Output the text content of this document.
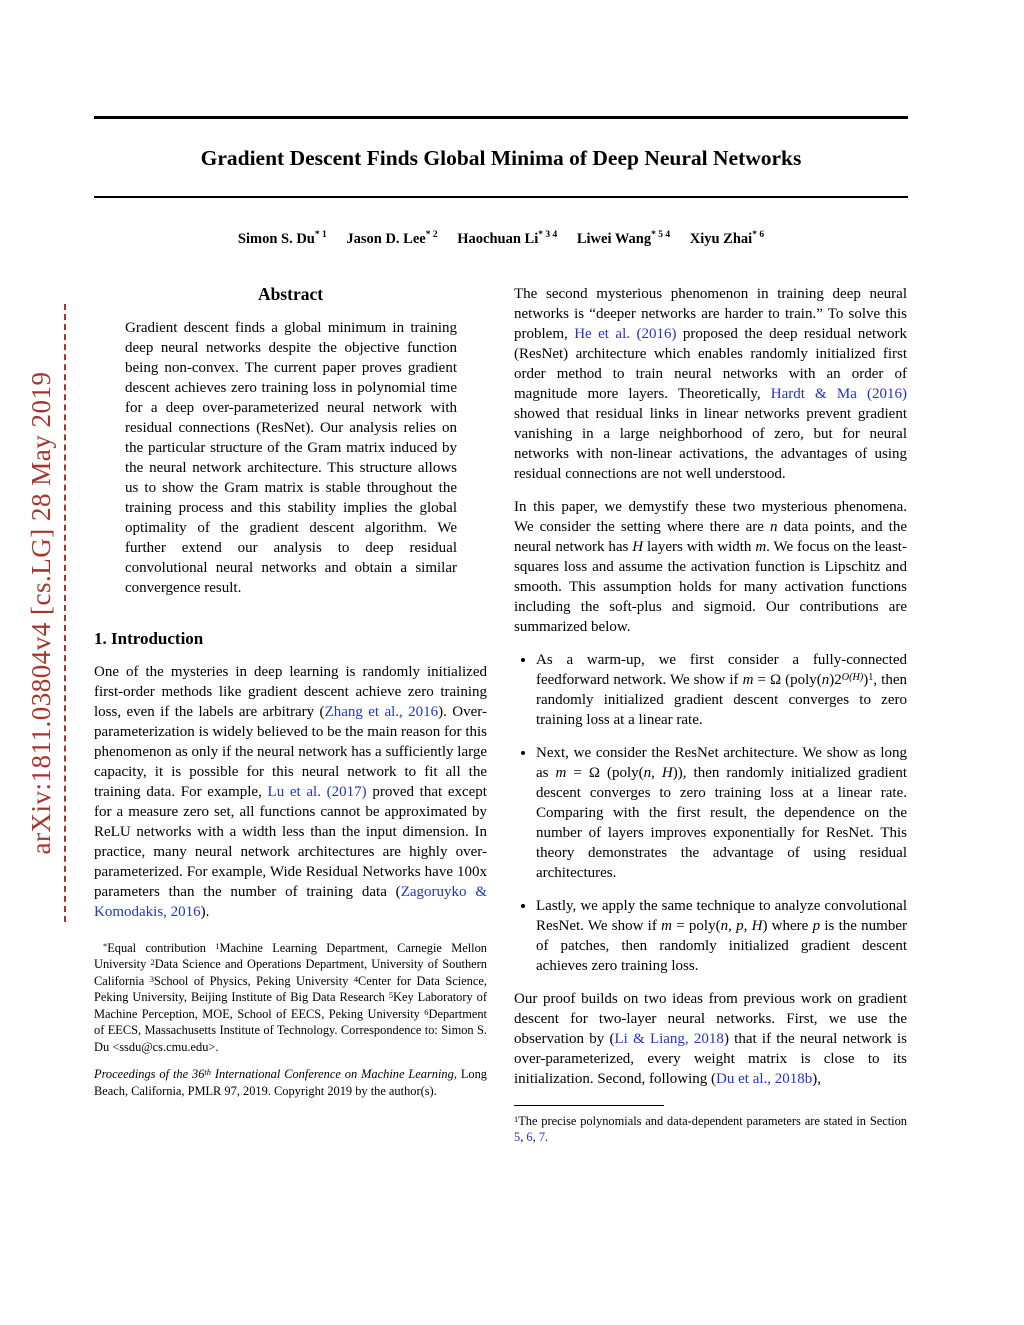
arXiv:1811.03804v4 [cs.LG] 28 May 2019
Gradient Descent Finds Global Minima of Deep Neural Networks
Simon S. Du$^{* 1}$ Jason D. Lee$^{* 2}$ Haochuan $Li^{* 3 4}$ Liwei Wang$^{* 5 4}$ Xiyu Zhai$^{* 6}$
Abstract

Gradient descent finds a global minimum in training deep neural networks despite the objective function being non-convex. The current paper proves gradient descent achieves zero training loss in polynomial time for a deep over-parameterized neural network with residual connections (ResNet). Our analysis relies on the particular structure of the Gram matrix induced by the neural network architecture. This structure allows us to show the Gram matrix is stable throughout the training process and this stability implies the global optimality of the gradient descent algorithm. We further extend our analysis to deep residual convolutional neural networks and obtain a similar convergence result.

1. Introduction

One of the mysteries in deep learning is randomly initialized first-order methods like gradient descent achieve zero training loss, even if the labels are arbitrary (Zhang et al., 2016). Over-parameterization is widely believed to be the main reason for this phenomenon as only if the neural network has a sufficiently large capacity, it is possible for this neural network to fit all the training data. For example, Lu et al. (2017) proved that except for a measure zero set, all functions cannot be approximated by ReLU networks with a width less than the input dimension. In practice, many neural network architectures are highly over-parameterized. For example, Wide Residual Networks have 100x parameters than the number of training data (Zagoruyko & Komodakis, 2016).

*Equal contribution $^1$Machine Learning Department, Carnegie Mellon University $^2$Data Science and Operations Department, University of Southern California $^3$School of Physics, Peking University $^4$Center for Data Science, Peking University, Beijing Institute of Big Data Research $^5$Key Laboratory of Machine Perception, MOE, School of EECS, Peking University $^6$Department of EECS, Massachusetts Institute of Technology. Correspondence to: Simon S. Du <ssdu@cs.cmu.edu>.

Proceedings of the 36th International Conference on Machine Learning, Long Beach, California, PMLR 97, 2019. Copyright 2019 by the author(s).

The second mysterious phenomenon in training deep neural networks is “deeper networks are harder to train.” To solve this problem, He et al. (2016) proposed the deep residual network (ResNet) architecture which enables randomly initialized first order method to train neural networks with an order of magnitude more layers. Theoretically, Hardt & Ma (2016) showed that residual links in linear networks prevent gradient vanishing in a large neighborhood of zero, but for neural networks with non-linear activations, the advantages of using residual connections are not well understood.

In this paper, we demystify these two mysterious phenomena. We consider the setting where there are n data points, and the neural network has H layers with width m. We focus on the least-squares loss and assume the activation function is Lipschitz and smooth. This assumption holds for many activation functions including the soft-plus and sigmoid. Our contributions are summarized below.

• As a warm-up, we first consider a fully-connected feedforward network. We show if m = Ω $(poly(n)2^{O(H)})^1$, then randomly initialized gradient descent converges to zero training loss at a linear rate.
• Next, we consider the ResNet architecture. We show as long as m = Ω (poly(n, H)), then randomly initialized gradient descent converges to zero training loss at a linear rate. Comparing with the first result, the dependence on the number of layers improves exponentially for ResNet. This theory demonstrates the advantage of using residual architectures.
• Lastly, we apply the same technique to analyze convolutional ResNet. We show if m = poly(n, p, H) where p is the number of patches, then randomly initialized gradient descent achieves zero training loss.

Our proof builds on two ideas from previous work on gradient descent for two-layer neural networks. First, we use the observation by (Li & Liang, 2018) that if the neural network is over-parameterized, every weight matrix is close to its initialization. Second, following (Du et al., 2018b),

$^1$The precise polynomials and data-dependent parameters are stated in Section 5, 6, 7.
